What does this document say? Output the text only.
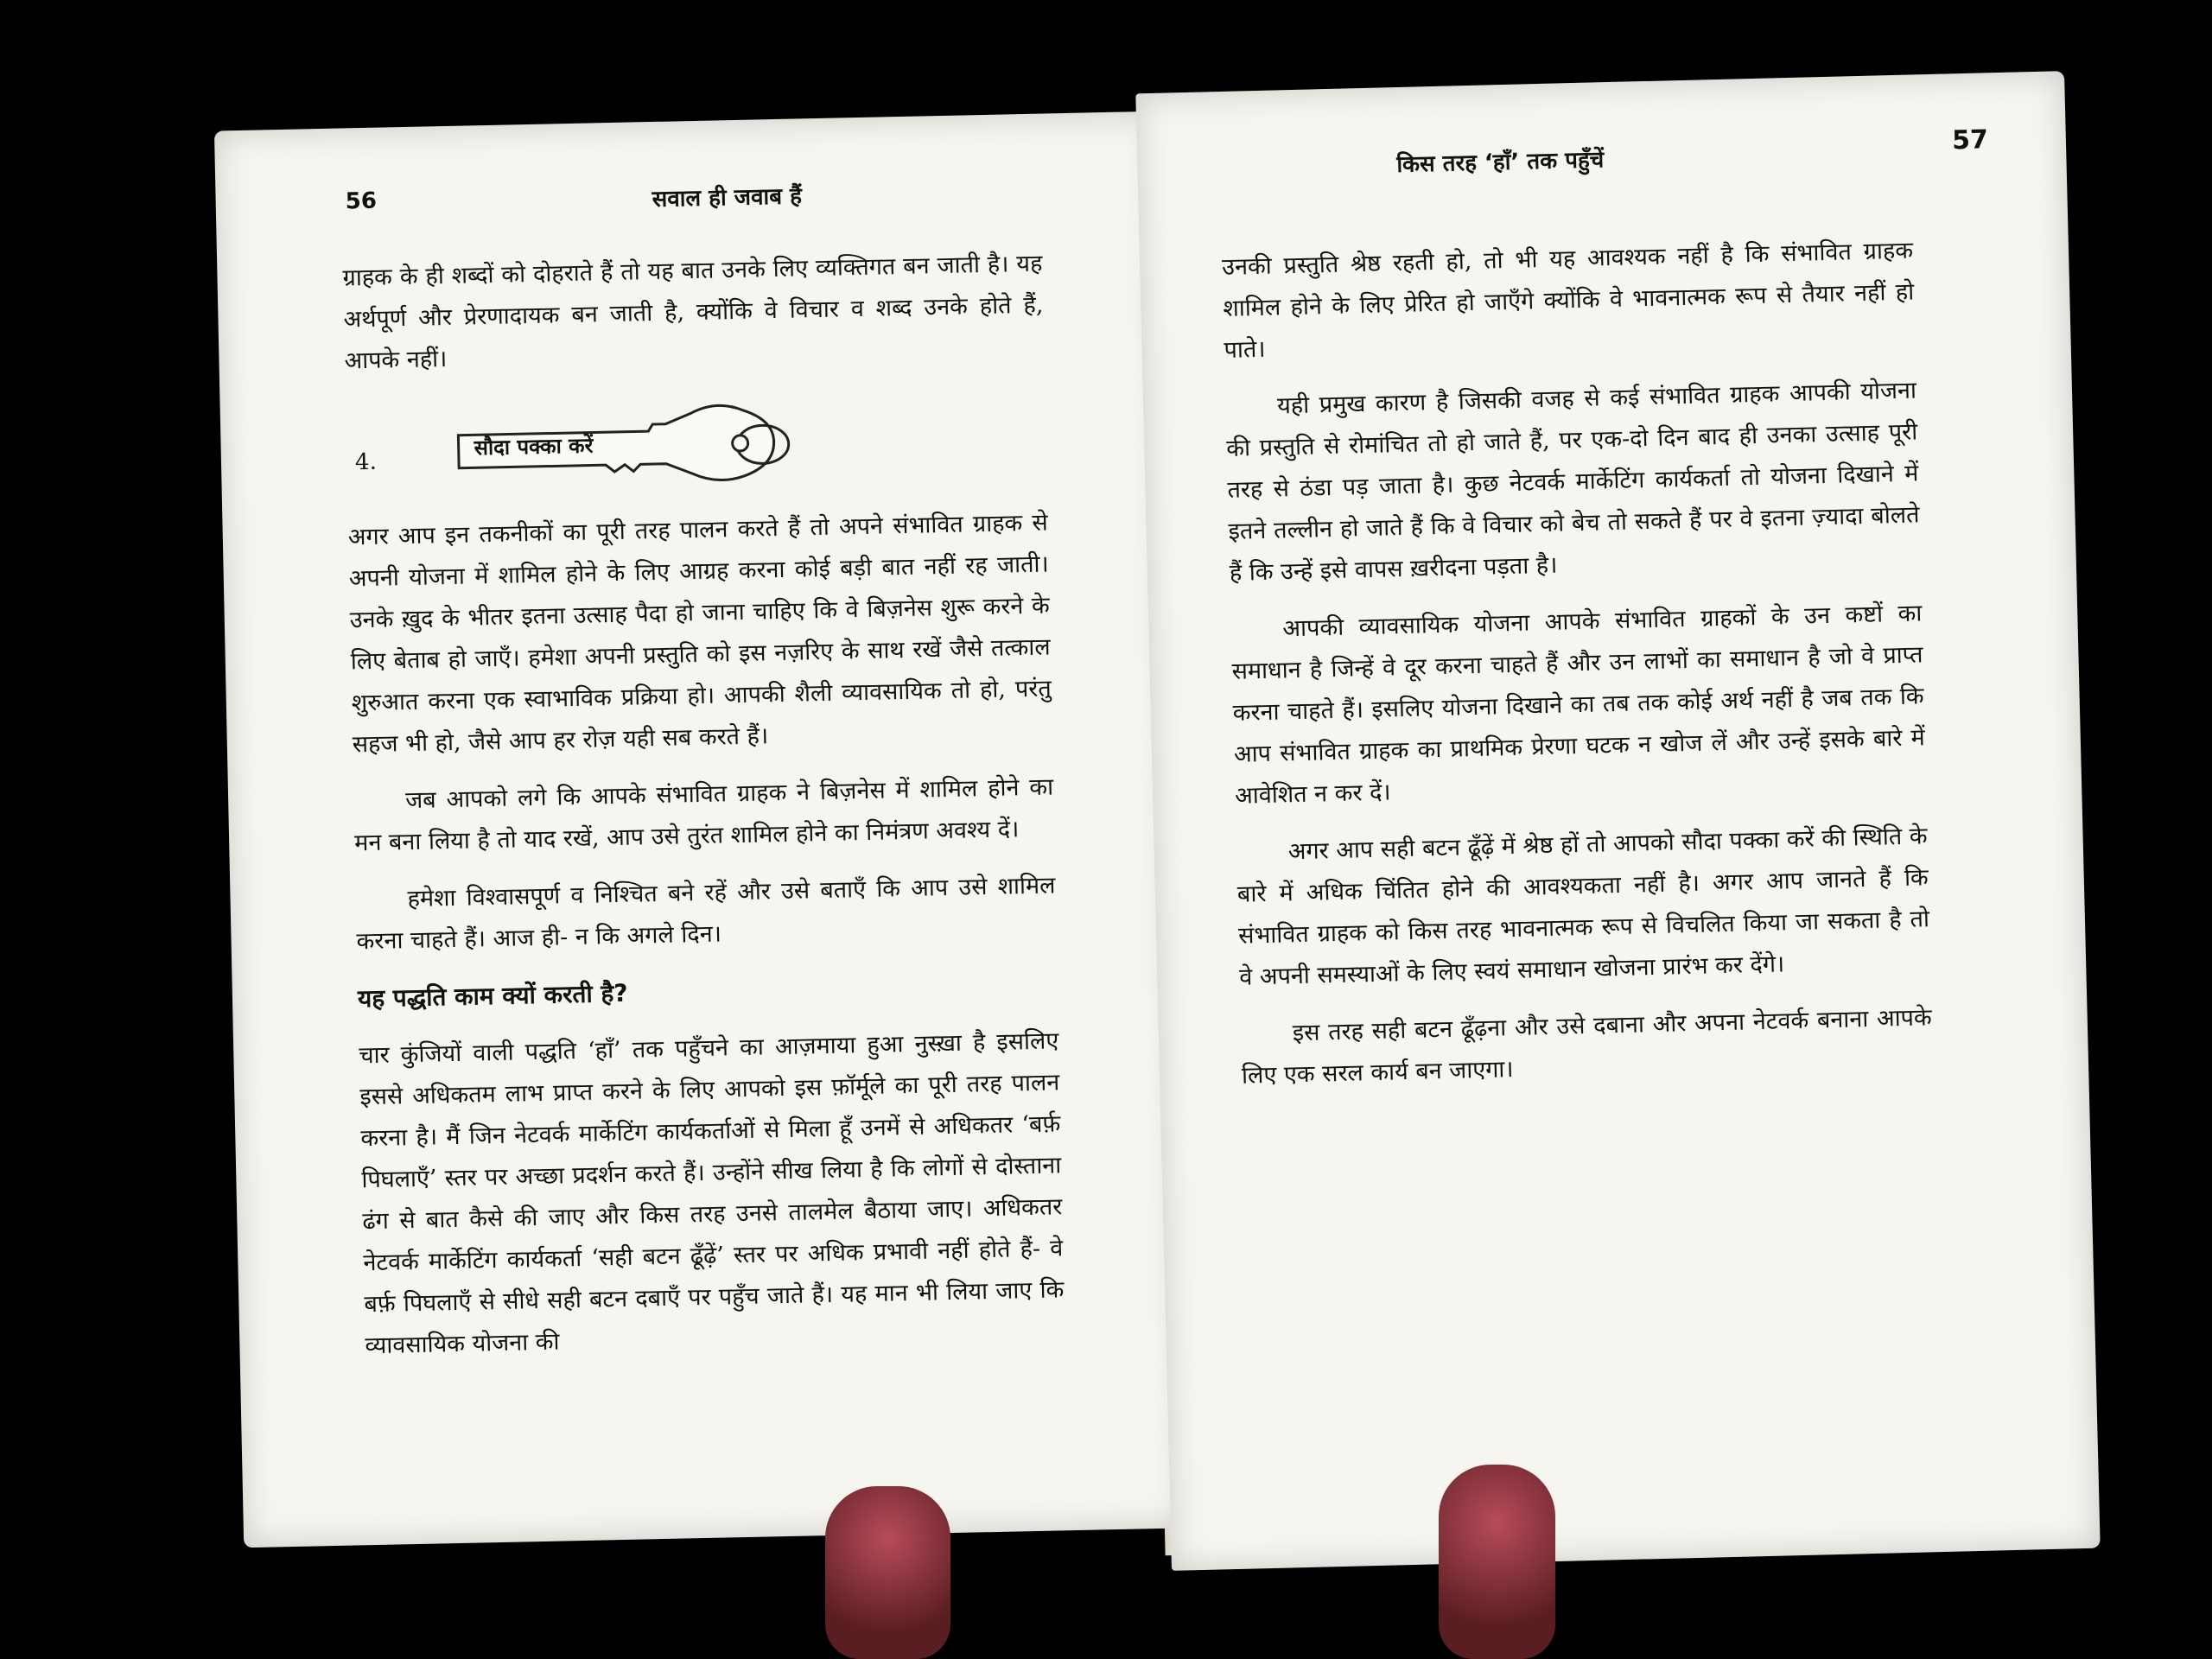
56	सवाल ही जवाब हैं

ग्राहक के ही शब्दों को दोहराते हैं तो यह बात उनके लिए व्यक्तिगत बन जाती है। यह अर्थपूर्ण और प्रेरणादायक बन जाती है, क्योंकि वे विचार व शब्द उनके होते हैं, आपके नहीं।

4.
सौदा पक्का करें

अगर आप इन तकनीकों का पूरी तरह पालन करते हैं तो अपने संभावित ग्राहक से अपनी योजना में शामिल होने के लिए आग्रह करना कोई बड़ी बात नहीं रह जाती। उनके ख़ुद के भीतर इतना उत्साह पैदा हो जाना चाहिए कि वे बिज़नेस शुरू करने के लिए बेताब हो जाएँ। हमेशा अपनी प्रस्तुति को इस नज़रिए के साथ रखें जैसे तत्काल शुरुआत करना एक स्वाभाविक प्रक्रिया हो। आपकी शैली व्यावसायिक तो हो, परंतु सहज भी हो, जैसे आप हर रोज़ यही सब करते हैं।

जब आपको लगे कि आपके संभावित ग्राहक ने बिज़नेस में शामिल होने का मन बना लिया है तो याद रखें, आप उसे तुरंत शामिल होने का निमंत्रण अवश्य दें।

हमेशा विश्वासपूर्ण व निश्चित बने रहें और उसे बताएँ कि आप उसे शामिल करना चाहते हैं। आज ही- न कि अगले दिन।

यह पद्धति काम क्यों करती है?

चार कुंजियों वाली पद्धति ‘हाँ’ तक पहुँचने का आज़माया हुआ नुस्ख़ा है इसलिए इससे अधिकतम लाभ प्राप्त करने के लिए आपको इस फ़ॉर्मूले का पूरी तरह पालन करना है। मैं जिन नेटवर्क मार्केटिंग कार्यकर्ताओं से मिला हूँ उनमें से अधिकतर ‘बर्फ़ पिघलाएँ’ स्तर पर अच्छा प्रदर्शन करते हैं। उन्होंने सीख लिया है कि लोगों से दोस्ताना ढंग से बात कैसे की जाए और किस तरह उनसे तालमेल बैठाया जाए। अधिकतर नेटवर्क मार्केटिंग कार्यकर्ता ‘सही बटन ढूँढ़ें’ स्तर पर अधिक प्रभावी नहीं होते हैं- वे बर्फ़ पिघलाएँ से सीधे सही बटन दबाएँ पर पहुँच जाते हैं। यह मान भी लिया जाए कि व्यावसायिक योजना की

किस तरह ‘हाँ’ तक पहुँचें
57

उनकी प्रस्तुति श्रेष्ठ रहती हो, तो भी यह आवश्यक नहीं है कि संभावित ग्राहक शामिल होने के लिए प्रेरित हो जाएँगे क्योंकि वे भावनात्मक रूप से तैयार नहीं हो पाते।

यही प्रमुख कारण है जिसकी वजह से कई संभावित ग्राहक आपकी योजना की प्रस्तुति से रोमांचित तो हो जाते हैं, पर एक-दो दिन बाद ही उनका उत्साह पूरी तरह से ठंडा पड़ जाता है। कुछ नेटवर्क मार्केटिंग कार्यकर्ता तो योजना दिखाने में इतने तल्लीन हो जाते हैं कि वे विचार को बेच तो सकते हैं पर वे इतना ज़्यादा बोलते हैं कि उन्हें इसे वापस ख़रीदना पड़ता है।

आपकी व्यावसायिक योजना आपके संभावित ग्राहकों के उन कष्टों का समाधान है जिन्हें वे दूर करना चाहते हैं और उन लाभों का समाधान है जो वे प्राप्त करना चाहते हैं। इसलिए योजना दिखाने का तब तक कोई अर्थ नहीं है जब तक कि आप संभावित ग्राहक का प्राथमिक प्रेरणा घटक न खोज लें और उन्हें इसके बारे में आवेशित न कर दें।

अगर आप सही बटन ढूँढ़ें में श्रेष्ठ हों तो आपको सौदा पक्का करें की स्थिति के बारे में अधिक चिंतित होने की आवश्यकता नहीं है। अगर आप जानते हैं कि संभावित ग्राहक को किस तरह भावनात्मक रूप से विचलित किया जा सकता है तो वे अपनी समस्याओं के लिए स्वयं समाधान खोजना प्रारंभ कर देंगे।

इस तरह सही बटन ढूँढ़ना और उसे दबाना और अपना नेटवर्क बनाना आपके लिए एक सरल कार्य बन जाएगा।
